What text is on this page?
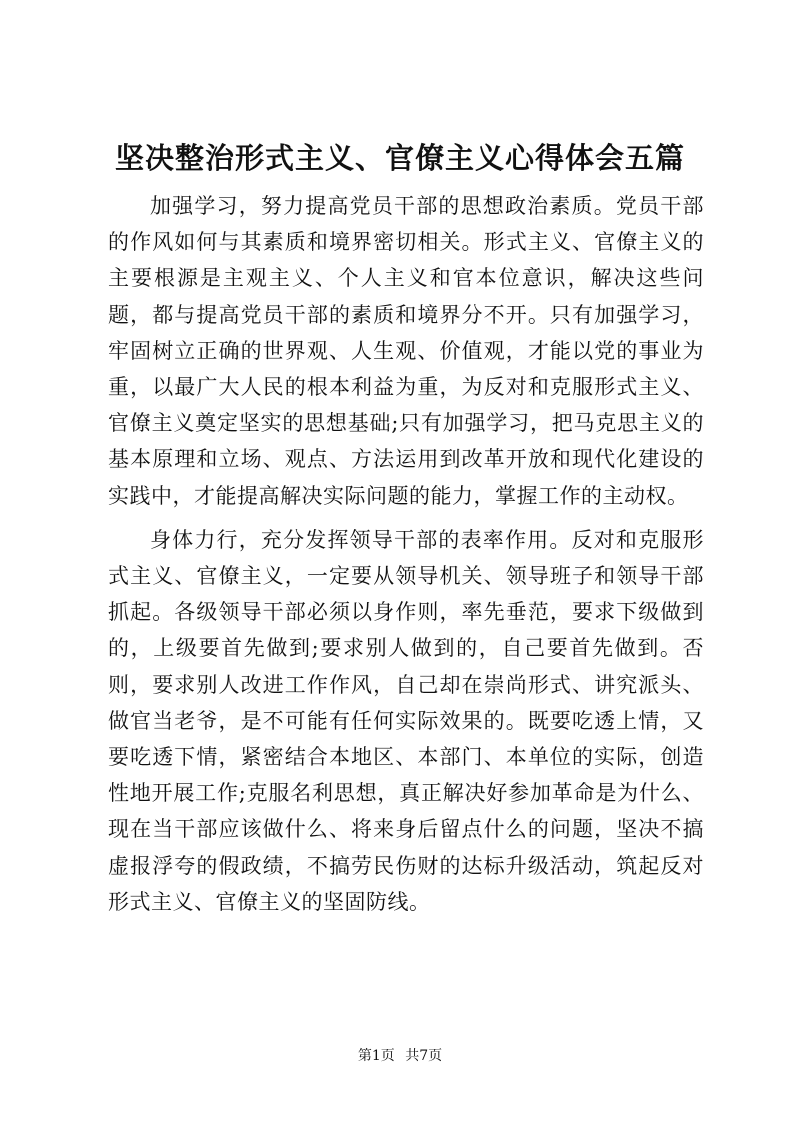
坚决整治形式主义、官僚主义心得体会五篇

加强学习，努力提高党员干部的思想政治素质。党员干部的作风如何与其素质和境界密切相关。形式主义、官僚主义的主要根源是主观主义、个人主义和官本位意识，解决这些问题，都与提高党员干部的素质和境界分不开。只有加强学习，牢固树立正确的世界观、人生观、价值观，才能以党的事业为重，以最广大人民的根本利益为重，为反对和克服形式主义、官僚主义奠定坚实的思想基础;只有加强学习，把马克思主义的基本原理和立场、观点、方法运用到改革开放和现代化建设的实践中，才能提高解决实际问题的能力，掌握工作的主动权。

身体力行，充分发挥领导干部的表率作用。反对和克服形式主义、官僚主义，一定要从领导机关、领导班子和领导干部抓起。各级领导干部必须以身作则，率先垂范，要求下级做到的，上级要首先做到;要求别人做到的，自己要首先做到。否则，要求别人改进工作作风，自己却在崇尚形式、讲究派头、做官当老爷，是不可能有任何实际效果的。既要吃透上情，又要吃透下情，紧密结合本地区、本部门、本单位的实际，创造性地开展工作;克服名利思想，真正解决好参加革命是为什么、现在当干部应该做什么、将来身后留点什么的问题，坚决不搞虚报浮夸的假政绩，不搞劳民伤财的达标升级活动，筑起反对形式主义、官僚主义的坚固防线。

第1页 共7页
